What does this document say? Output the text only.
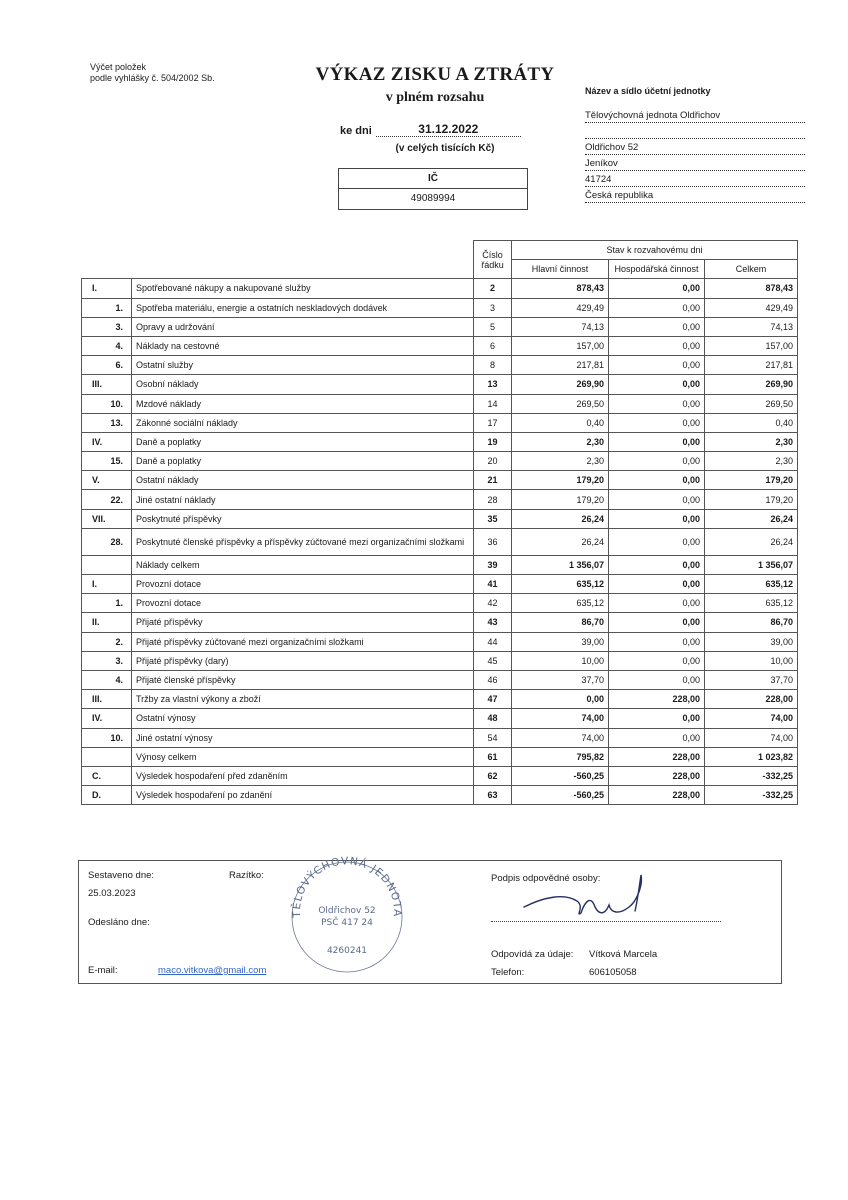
Výčet položek
podle vyhlášky č. 504/2002 Sb.	VÝKAZ ZISKU A ZTRÁTY
v plném rozsahu
ke dni	31.12.2022
(v celých tisících Kč)
IČ
49089994
Název a sídlo účetní jednotky
Tělovýchovná jednota Oldřichov
Oldřichov 52
Jeníkov
41724
Česká republika
		Číslo
řádku	Stav k rozvahovému dni		
			Hlavní činnost	Hospodářská činnost	Celkem
I.	Spotřebované nákupy a nakupované služby	2	878,43	0,00	878,43
1.	Spotřeba materiálu, energie a ostatních neskladových dodávek	3	429,49	0,00	429,49
3.	Opravy a udržování	5	74,13	0,00	74,13
4.	Náklady na cestovné	6	157,00	0,00	157,00
6.	Ostatní služby	8	217,81	0,00	217,81
III.	Osobní náklady	13	269,90	0,00	269,90
10.	Mzdové náklady	14	269,50	0,00	269,50
13.	Zákonné sociální náklady	17	0,40	0,00	0,40
IV.	Daně a poplatky	19	2,30	0,00	2,30
15.	Daně a poplatky	20	2,30	0,00	2,30
V.	Ostatní náklady	21	179,20	0,00	179,20
22.	Jiné ostatní náklady	28	179,20	0,00	179,20
VII.	Poskytnuté příspěvky	35	26,24	0,00	26,24
28.	Poskytnuté členské příspěvky a příspěvky zúčtované mezi organizačními složkami	36	26,24	0,00	26,24
	Náklady celkem	39	1 356,07	0,00	1 356,07
I.	Provozní dotace	41	635,12	0,00	635,12
1.	Provozní dotace	42	635,12	0,00	635,12
II.	Přijaté příspěvky	43	86,70	0,00	86,70
2.	Přijaté příspěvky zúčtované mezi organizačními složkami	44	39,00	0,00	39,00
3.	Přijaté příspěvky (dary)	45	10,00	0,00	10,00
4.	Přijaté členské příspěvky	46	37,70	0,00	37,70
III.	Tržby za vlastní výkony a zboží	47	0,00	228,00	228,00
IV.	Ostatní výnosy	48	74,00	0,00	74,00
10.	Jiné ostatní výnosy	54	74,00	0,00	74,00
	Výnosy celkem	61	795,82	228,00	1 023,82
C.	Výsledek hospodaření před zdaněním	62	-560,25	228,00	-332,25
D.	Výsledek hospodaření po zdanění	63	-560,25	228,00	-332,25
Sestaveno dne:
25.03.2023
Odesláno dne:
Razítko:
E-mail:	maco.vitkova@gmail.com
Podpis odpovědné osoby:
Odpovídá za údaje: Vítková Marcela
Telefon:	606105058
TĚLOVÝCHOVNÁ JEDNOTA
Oldřichov 52
PSČ 417 24
4260241
